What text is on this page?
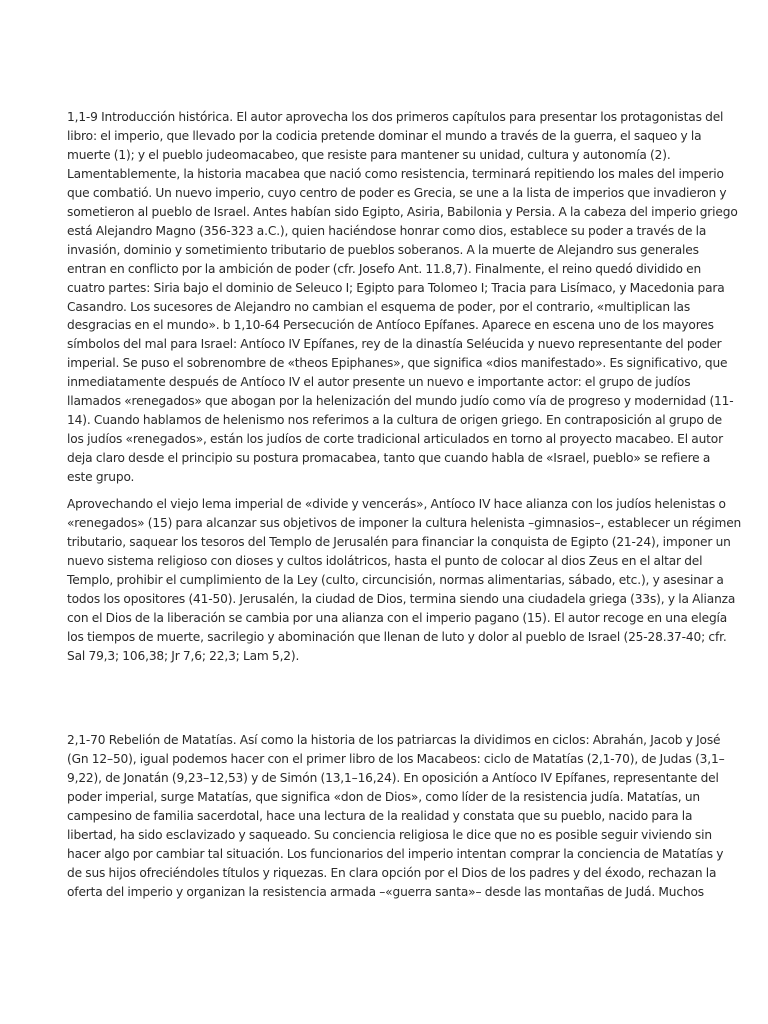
1,1-9 Introducción histórica. El autor aprovecha los dos primeros capítulos para presentar los protagonistas del
libro: el imperio, que llevado por la codicia pretende dominar el mundo a través de la guerra, el saqueo y la
muerte (1); y el pueblo judeomacabeo, que resiste para mantener su unidad, cultura y autonomía (2).
Lamentablemente, la historia macabea que nació como resistencia, terminará repitiendo los males del imperio
que combatió. Un nuevo imperio, cuyo centro de poder es Grecia, se une a la lista de imperios que invadieron y
sometieron al pueblo de Israel. Antes habían sido Egipto, Asiria, Babilonia y Persia. A la cabeza del imperio griego
está Alejandro Magno (356-323 a.C.), quien haciéndose honrar como dios, establece su poder a través de la
invasión, dominio y sometimiento tributario de pueblos soberanos. A la muerte de Alejandro sus generales
entran en conflicto por la ambición de poder (cfr. Josefo Ant. 11.8,7). Finalmente, el reino quedó dividido en
cuatro partes: Siria bajo el dominio de Seleuco I; Egipto para Tolomeo I; Tracia para Lisímaco, y Macedonia para
Casandro. Los sucesores de Alejandro no cambian el esquema de poder, por el contrario, «multiplican las
desgracias en el mundo». b 1,10-64 Persecución de Antíoco Epífanes. Aparece en escena uno de los mayores
símbolos del mal para Israel: Antíoco IV Epífanes, rey de la dinastía Seléucida y nuevo representante del poder
imperial. Se puso el sobrenombre de «theos Epiphanes», que significa «dios manifestado». Es significativo, que
inmediatamente después de Antíoco IV el autor presente un nuevo e importante actor: el grupo de judíos
llamados «renegados» que abogan por la helenización del mundo judío como vía de progreso y modernidad (11-
14). Cuando hablamos de helenismo nos referimos a la cultura de origen griego. En contraposición al grupo de
los judíos «renegados», están los judíos de corte tradicional articulados en torno al proyecto macabeo. El autor
deja claro desde el principio su postura promacabea, tanto que cuando habla de «Israel, pueblo» se refiere a
este grupo.

Aprovechando el viejo lema imperial de «divide y vencerás», Antíoco IV hace alianza con los judíos helenistas o
«renegados» (15) para alcanzar sus objetivos de imponer la cultura helenista –gimnasios–, establecer un régimen
tributario, saquear los tesoros del Templo de Jerusalén para financiar la conquista de Egipto (21-24), imponer un
nuevo sistema religioso con dioses y cultos idolátricos, hasta el punto de colocar al dios Zeus en el altar del
Templo, prohibir el cumplimiento de la Ley (culto, circuncisión, normas alimentarias, sábado, etc.), y asesinar a
todos los opositores (41-50). Jerusalén, la ciudad de Dios, termina siendo una ciudadela griega (33s), y la Alianza
con el Dios de la liberación se cambia por una alianza con el imperio pagano (15). El autor recoge en una elegía
los tiempos de muerte, sacrilegio y abominación que llenan de luto y dolor al pueblo de Israel (25-28.37-40; cfr.
Sal 79,3; 106,38; Jr 7,6; 22,3; Lam 5,2).

2,1-70 Rebelión de Matatías. Así como la historia de los patriarcas la dividimos en ciclos: Abrahán, Jacob y José
(Gn 12–50), igual podemos hacer con el primer libro de los Macabeos: ciclo de Matatías (2,1-70), de Judas (3,1–
9,22), de Jonatán (9,23–12,53) y de Simón (13,1–16,24). En oposición a Antíoco IV Epífanes, representante del
poder imperial, surge Matatías, que significa «don de Dios», como líder de la resistencia judía. Matatías, un
campesino de familia sacerdotal, hace una lectura de la realidad y constata que su pueblo, nacido para la
libertad, ha sido esclavizado y saqueado. Su conciencia religiosa le dice que no es posible seguir viviendo sin
hacer algo por cambiar tal situación. Los funcionarios del imperio intentan comprar la conciencia de Matatías y
de sus hijos ofreciéndoles títulos y riquezas. En clara opción por el Dios de los padres y del éxodo, rechazan la
oferta del imperio y organizan la resistencia armada –«guerra santa»– desde las montañas de Judá. Muchos
